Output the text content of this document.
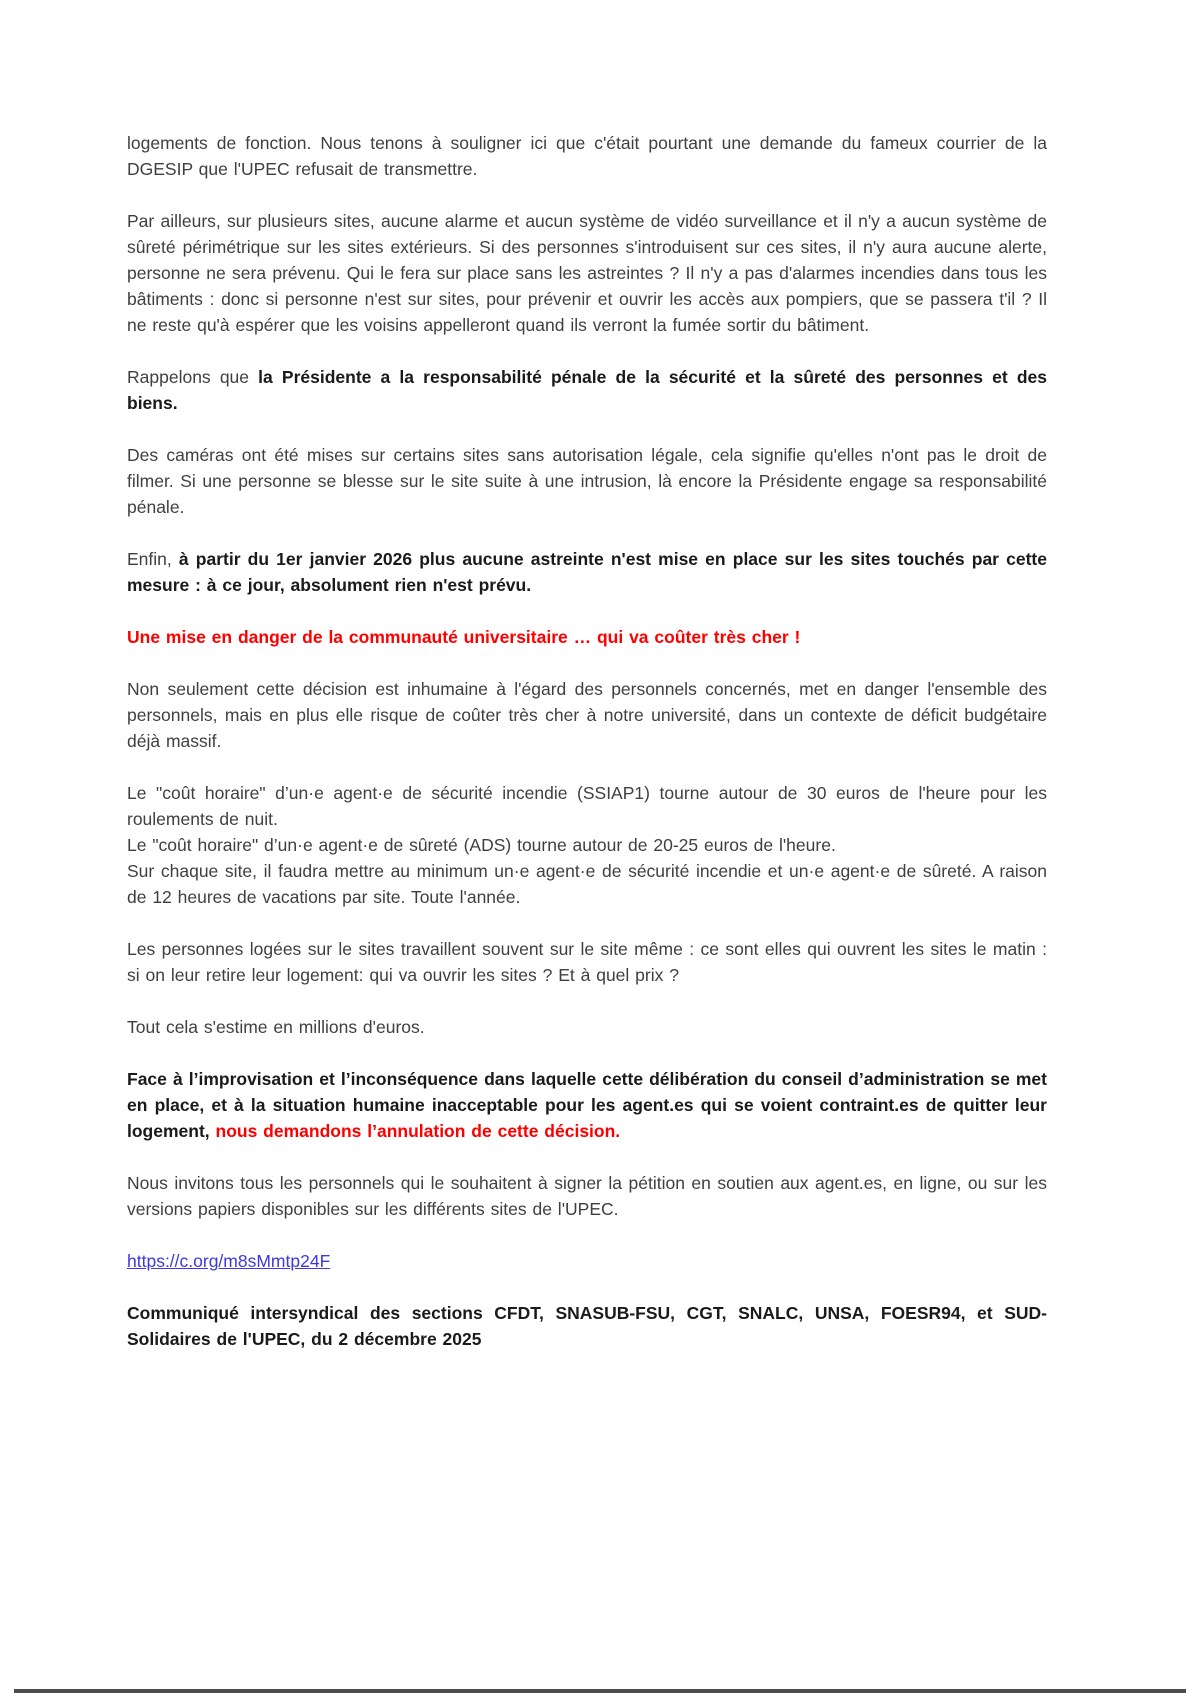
logements de fonction. Nous tenons à souligner ici que c'était pourtant une demande du fameux courrier de la DGESIP que l'UPEC refusait de transmettre.

Par ailleurs, sur plusieurs sites, aucune alarme et aucun système de vidéo surveillance et il n'y a aucun système de sûreté périmétrique sur les sites extérieurs. Si des personnes s'introduisent sur ces sites, il n'y aura aucune alerte, personne ne sera prévenu. Qui le fera sur place sans les astreintes ? Il n'y a pas d'alarmes incendies dans tous les bâtiments : donc si personne n'est sur sites, pour prévenir et ouvrir les accès aux pompiers, que se passera t'il ? Il ne reste qu'à espérer que les voisins appelleront quand ils verront la fumée sortir du bâtiment.

Rappelons que la Présidente a la responsabilité pénale de la sécurité et la sûreté des personnes et des biens.

Des caméras ont été mises sur certains sites sans autorisation légale, cela signifie qu'elles n'ont pas le droit de filmer. Si une personne se blesse sur le site suite à une intrusion, là encore la Présidente engage sa responsabilité pénale.

Enfin, à partir du 1er janvier 2026 plus aucune astreinte n'est mise en place sur les sites touchés par cette mesure : à ce jour, absolument rien n'est prévu.

Une mise en danger de la communauté universitaire … qui va coûter très cher !

Non seulement cette décision est inhumaine à l'égard des personnels concernés, met en danger l'ensemble des personnels, mais en plus elle risque de coûter très cher à notre université, dans un contexte de déficit budgétaire déjà massif.

Le "coût horaire" d’un·e agent·e de sécurité incendie (SSIAP1) tourne autour de 30 euros de l'heure pour les roulements de nuit.

Le "coût horaire" d’un·e agent·e de sûreté (ADS) tourne autour de 20-25 euros de l'heure.

Sur chaque site, il faudra mettre au minimum un·e agent·e de sécurité incendie et un·e agent·e de sûreté. A raison de 12 heures de vacations par site. Toute l'année.

Les personnes logées sur le sites travaillent souvent sur le site même : ce sont elles qui ouvrent les sites le matin : si on leur retire leur logement: qui va ouvrir les sites ? Et à quel prix ?

Tout cela s'estime en millions d'euros.

Face à l’improvisation et l’inconséquence dans laquelle cette délibération du conseil d’administration se met en place, et à la situation humaine inacceptable pour les agent.es qui se voient contraint.es de quitter leur logement, nous demandons l’annulation de cette décision.

Nous invitons tous les personnels qui le souhaitent à signer la pétition en soutien aux agent.es, en ligne, ou sur les versions papiers disponibles sur les différents sites de l'UPEC.

https://c.org/m8sMmtp24F

Communiqué intersyndical des sections CFDT, SNASUB-FSU, CGT, SNALC, UNSA, FOESR94, et SUD-Solidaires de l'UPEC, du 2 décembre 2025
